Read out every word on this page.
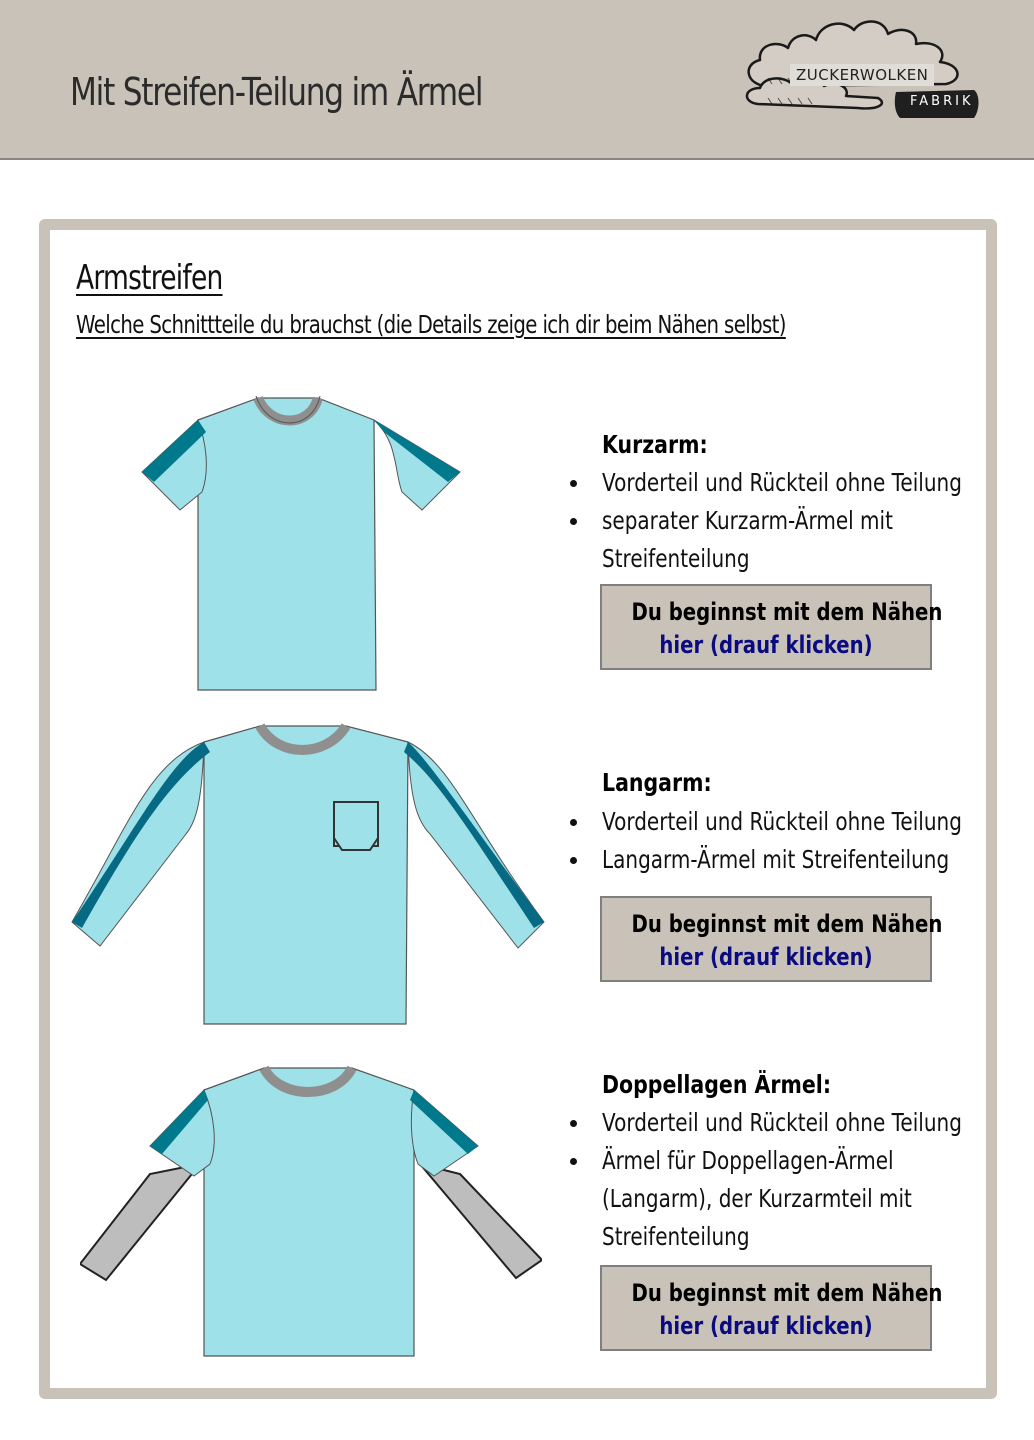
Mit Streifen-Teilung im Ärmel	ZUCKERWOLKEN
FABRIK
Armstreifen
Welche Schnittteile du brauchst (die Details zeige ich dir beim Nähen selbst)
Kurzarm:
Vorderteil und Rückteil ohne Teilung
separater Kurzarm-Ärmel mit
Streifenteilung
Du beginnst mit dem Nähen
hier (drauf klicken)
Langarm:
Vorderteil und Rückteil ohne Teilung
Langarm-Ärmel mit Streifenteilung
Du beginnst mit dem Nähen
hier (drauf klicken)
Doppellagen Ärmel:
Vorderteil und Rückteil ohne Teilung
Ärmel für Doppellagen-Ärmel
(Langarm), der Kurzarmteil mit
Streifenteilung
Du beginnst mit dem Nähen
hier (drauf klicken)
